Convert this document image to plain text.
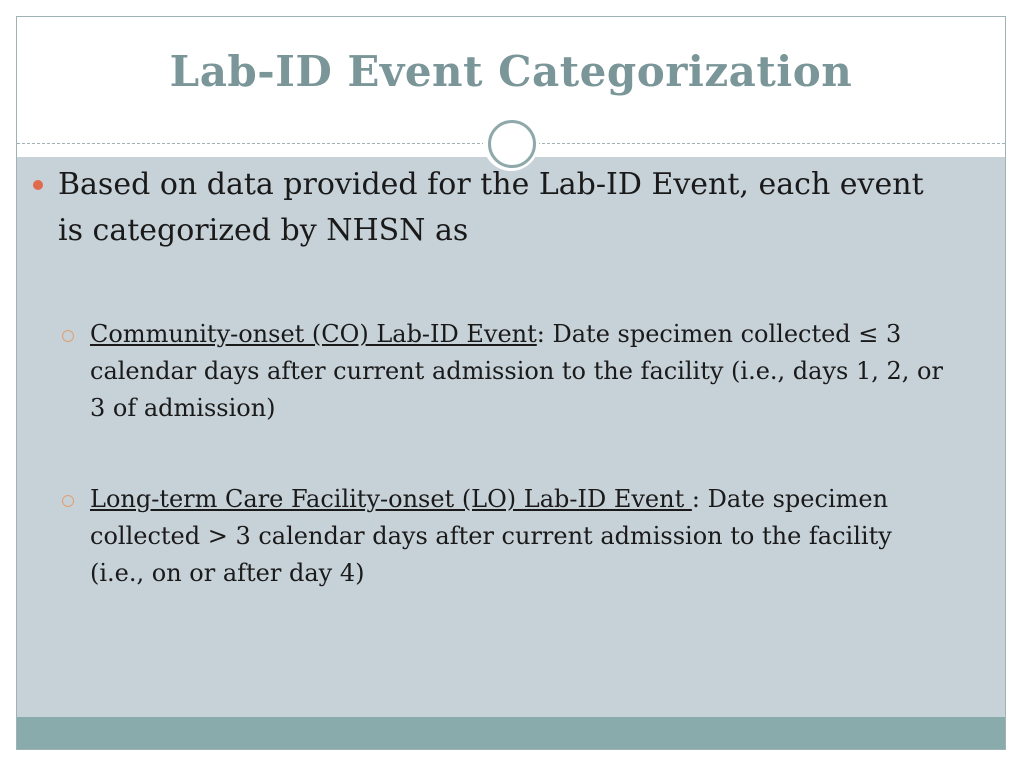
Lab-ID Event Categorization
Based on data provided for the Lab-ID Event, each event is categorized by NHSN as
Community-onset (CO) Lab-ID Event: Date specimen collected ≤ 3 calendar days after current admission to the facility (i.e., days 1, 2, or 3 of admission)
Long-term Care Facility-onset (LO) Lab-ID Event : Date specimen collected > 3 calendar days after current admission to the facility (i.e., on or after day 4)
